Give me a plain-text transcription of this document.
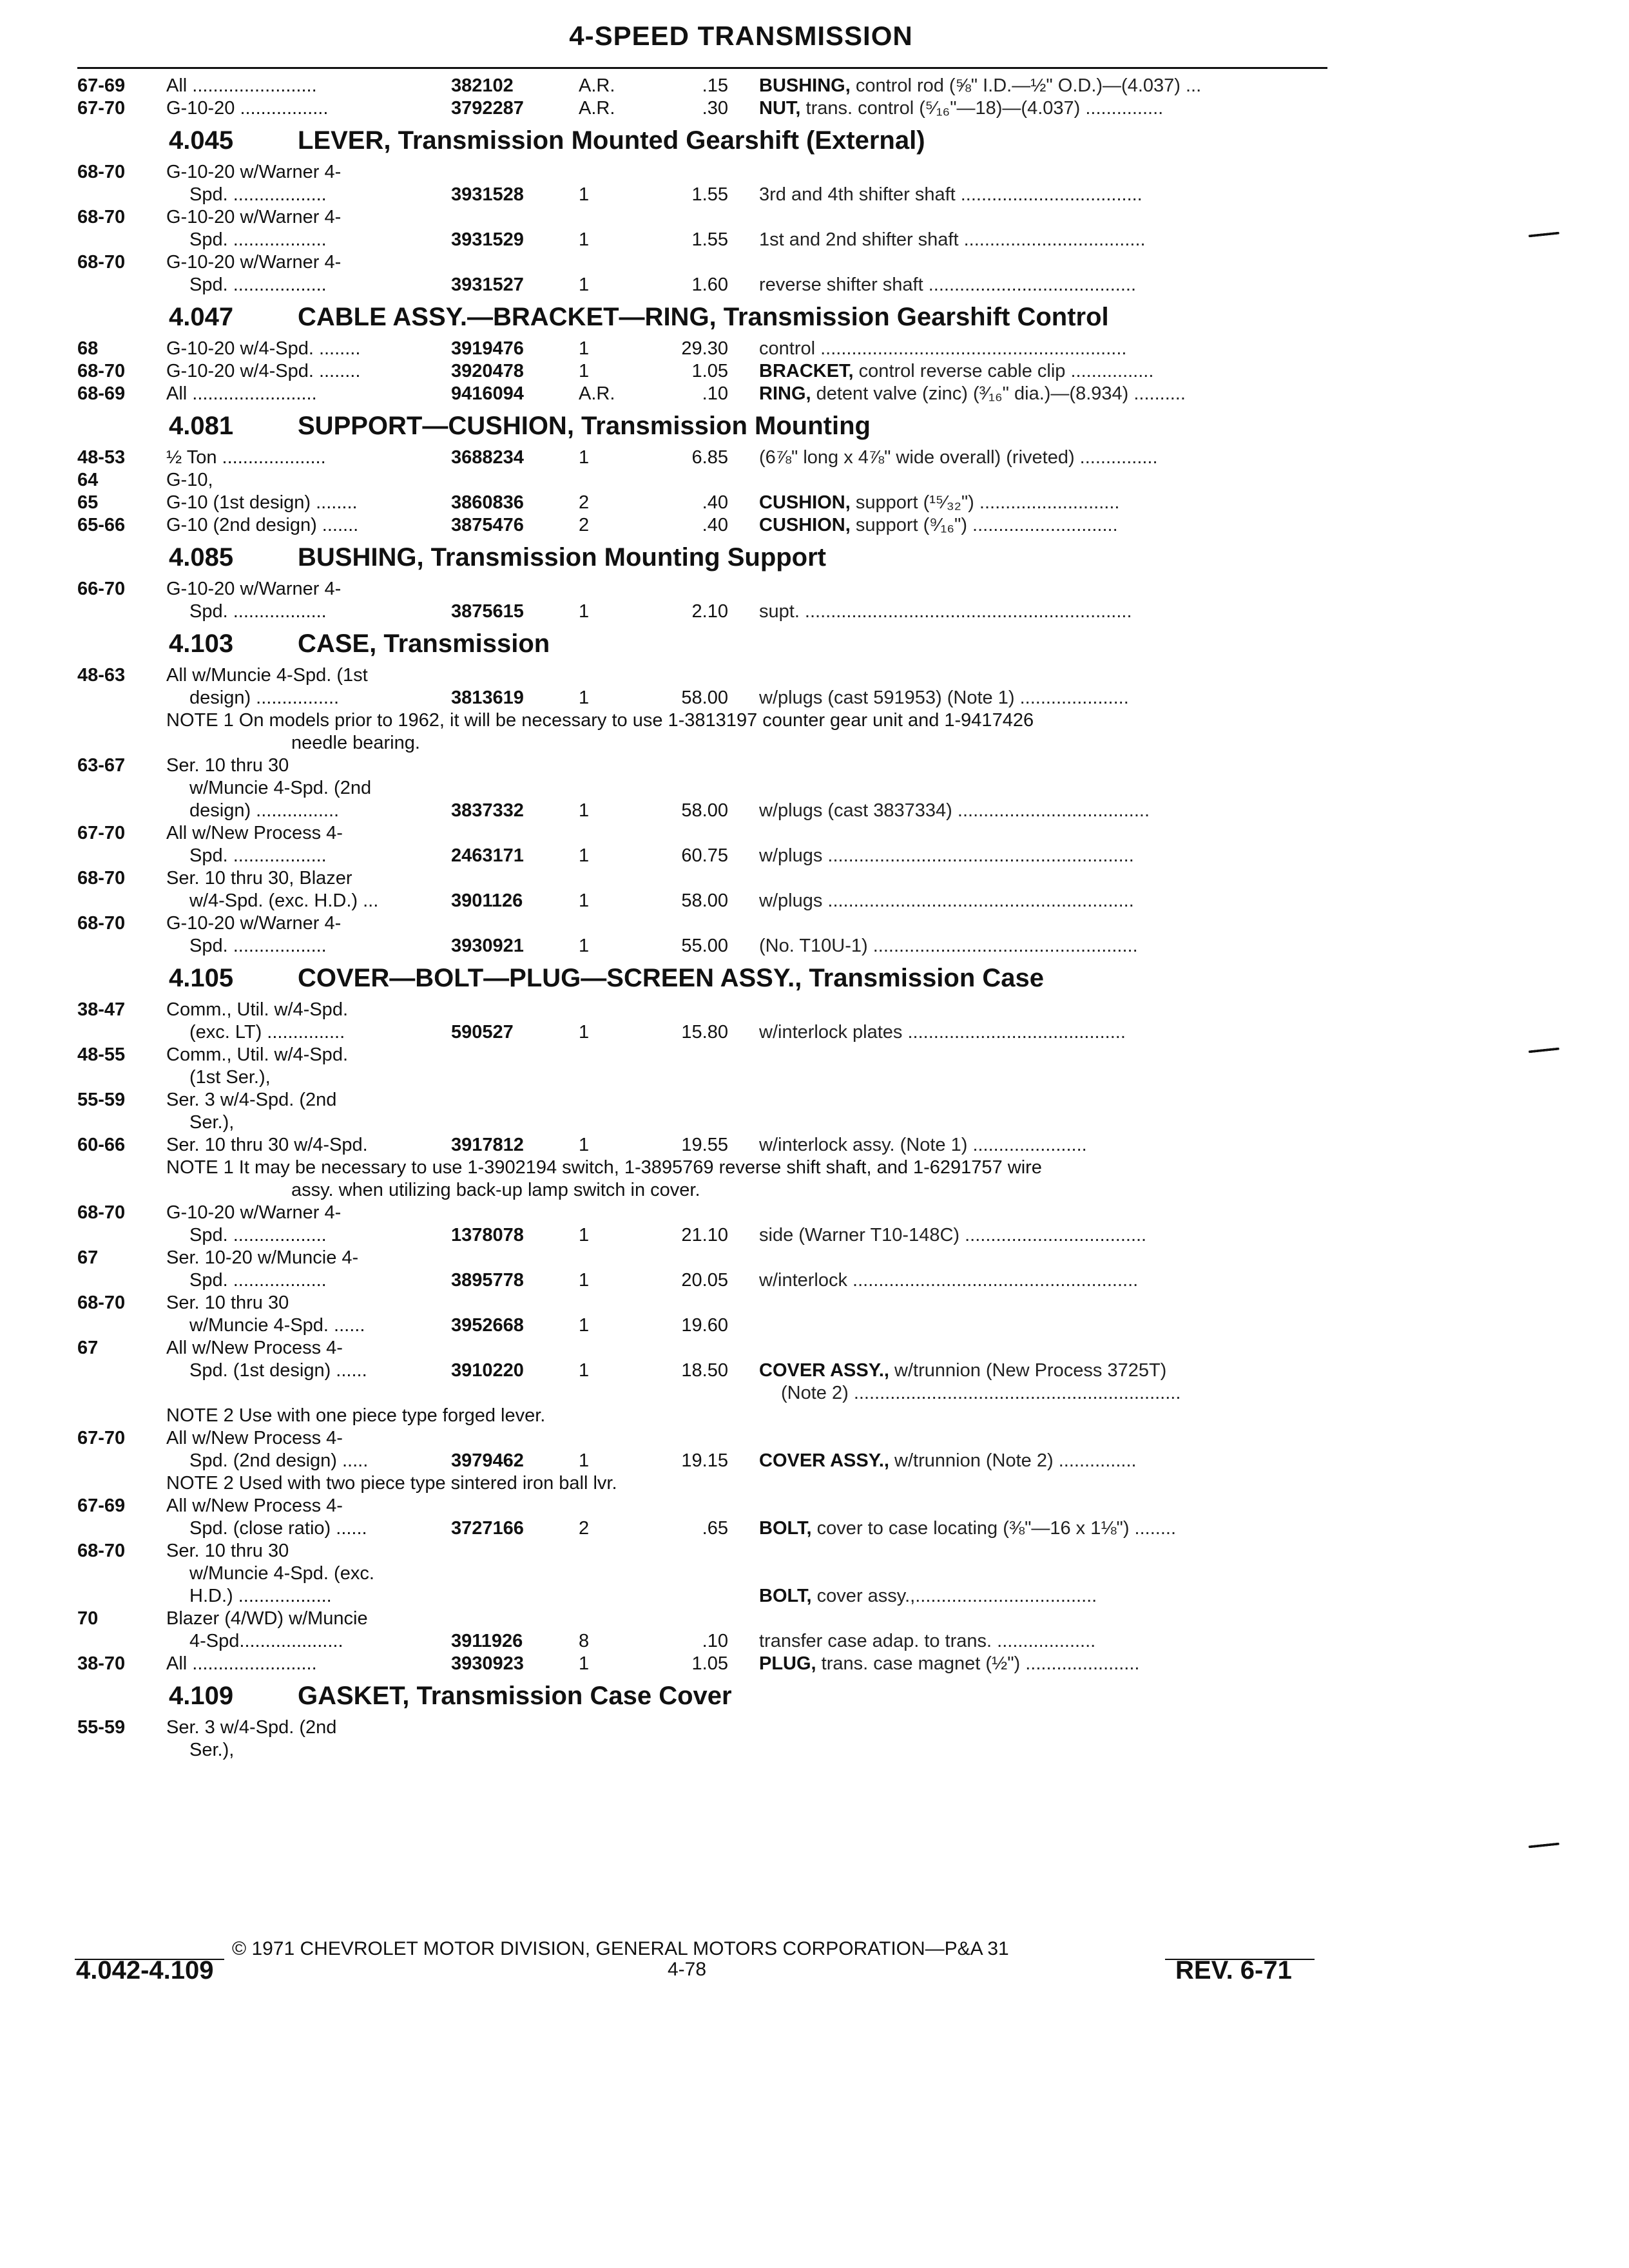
4-SPEED TRANSMISSION
67-69 All ........................	382102	A.R.	.15 BUSHING, control rod (⅝" I.D.—½" O.D.)—(4.037) ...
67-70 G-10-20 .................	3792287	A.R.	.30 NUT, trans. control (⁵⁄₁₆"—18)—(4.037) ...............
4.045 LEVER, Transmission Mounted Gearshift (External)
68-70 G-10-20 w/Warner 4-
Spd. ..................	3931528	1	1.55 3rd and 4th shifter shaft ...................................
68-70 G-10-20 w/Warner 4-
Spd. ..................	3931529	1	1.55 1st and 2nd shifter shaft ...................................
68-70 G-10-20 w/Warner 4-
Spd. ..................	3931527	1	1.60 reverse shifter shaft ........................................
4.047 CABLE ASSY.—BRACKET—RING, Transmission Gearshift Control
68	G-10-20 w/4-Spd. ........	3919476	1	29.30 control ...........................................................
68-70 G-10-20 w/4-Spd. ........	3920478	1	1.05 BRACKET, control reverse cable clip ................
68-69 All ........................	9416094	A.R.	.10 RING, detent valve (zinc) (³⁄₁₆" dia.)—(8.934) ..........
4.081 SUPPORT—CUSHION, Transmission Mounting
48-53 ½ Ton ....................	3688234	1	6.85 (6⅞" long x 4⅞" wide overall) (riveted) ...............
64	G-10,
65	G-10 (1st design) ........	3860836	2	.40 CUSHION, support (¹⁵⁄₃₂") ...........................
65-66 G-10 (2nd design) .......	3875476	2	.40 CUSHION, support (⁹⁄₁₆") ............................
4.085 BUSHING, Transmission Mounting Support
66-70 G-10-20 w/Warner 4-
Spd. ..................	3875615	1	2.10 supt. ...............................................................
4.103 CASE, Transmission
48-63 All w/Muncie 4-Spd. (1st
design) ................	3813619	1	58.00 w/plugs (cast 591953) (Note 1) .....................
NOTE 1 On models prior to 1962, it will be necessary to use 1-3813197 counter gear unit and 1-9417426
needle bearing.
63-67 Ser. 10 thru 30
w/Muncie 4-Spd. (2nd
design) ................	3837332	1	58.00 w/plugs (cast 3837334) .....................................
67-70 All w/New Process 4-
Spd. ..................	2463171	1	60.75 w/plugs ...........................................................
68-70 Ser. 10 thru 30, Blazer
w/4-Spd. (exc. H.D.) ...	3901126	1	58.00 w/plugs ...........................................................
68-70 G-10-20 w/Warner 4-
Spd. ..................	3930921	1	55.00 (No. T10U-1) ...................................................
4.105 COVER—BOLT—PLUG—SCREEN ASSY., Transmission Case
38-47 Comm., Util. w/4-Spd.
(exc. LT) ...............	590527	1	15.80 w/interlock plates ..........................................
48-55 Comm., Util. w/4-Spd.
(1st Ser.),
55-59 Ser. 3 w/4-Spd. (2nd
Ser.),
60-66 Ser. 10 thru 30 w/4-Spd.	3917812	1	19.55 w/interlock assy. (Note 1) ......................
NOTE 1 It may be necessary to use 1-3902194 switch, 1-3895769 reverse shift shaft, and 1-6291757 wire
assy. when utilizing back-up lamp switch in cover.
68-70 G-10-20 w/Warner 4-
Spd. ..................	1378078	1	21.10 side (Warner T10-148C) ...................................
67	Ser. 10-20 w/Muncie 4-
Spd. ..................	3895778	1	20.05 w/interlock .......................................................
68-70 Ser. 10 thru 30
w/Muncie 4-Spd. ......	3952668	1	19.60
67	All w/New Process 4-
Spd. (1st design) ......	3910220	1	18.50 COVER ASSY., w/trunnion (New Process 3725T)
(Note 2) ...............................................................
NOTE 2 Use with one piece type forged lever.
67-70 All w/New Process 4-
Spd. (2nd design) .....	3979462	1	19.15 COVER ASSY., w/trunnion (Note 2) ...............
NOTE 2 Used with two piece type sintered iron ball lvr.
67-69 All w/New Process 4-
Spd. (close ratio) ......	3727166	2	.65 BOLT, cover to case locating (⅜"—16 x 1⅛") ........
68-70 Ser. 10 thru 30
w/Muncie 4-Spd. (exc.
H.D.) ..................	BOLT, cover assy.,...................................
70	Blazer (4/WD) w/Muncie
4-Spd....................	3911926	8	.10 transfer case adap. to trans. ...................
38-70 All ........................	3930923	1	1.05 PLUG, trans. case magnet (½") ......................
4.109 GASKET, Transmission Case Cover
55-59 Ser. 3 w/4-Spd. (2nd
Ser.),
© 1971 CHEVROLET MOTOR DIVISION, GENERAL MOTORS CORPORATION—P&A 31
4.042-4.109	4-78	REV. 6-71
